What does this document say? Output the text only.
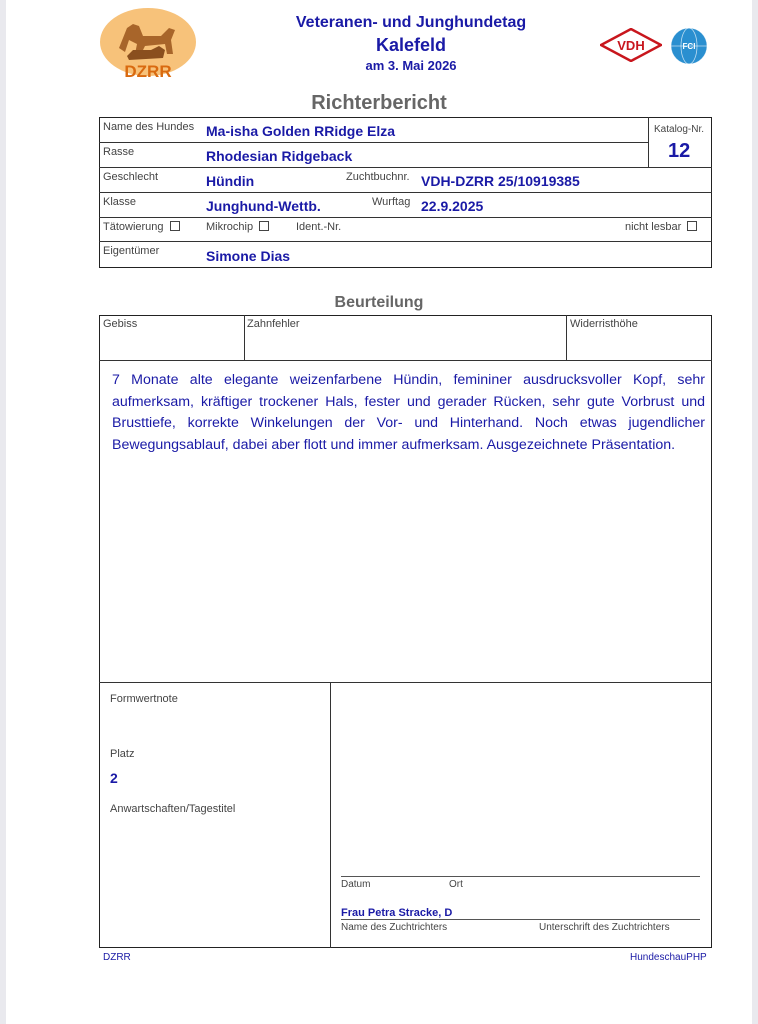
DZRR
Veteranen- und Junghundetag
Kalefeld
am 3. Mai 2026
VDH	FCI
Richterbericht
Name des Hundes Ma-isha Golden RRidge Elza	Katalog-Nr.
12
Rasse	Rhodesian Ridgeback
Geschlecht	Hündin	Zuchtbuchnr. VDH-DZRR 25/10919385
Klasse	Junghund-Wettb.	Wurftag 22.9.2025
Tätowierung	Mikrochip	Ident.-Nr.	nicht lesbar
Eigentümer	Simone Dias
Beurteilung
Gebiss	Zahnfehler	Widerristhöhe
7 Monate alte elegante weizenfarbene Hündin, femininer ausdrucksvoller Kopf, sehr aufmerksam, kräftiger trockener Hals, fester und gerader Rücken, sehr gute Vorbrust und Brusttiefe, korrekte Winkelungen der Vor- und Hinterhand. Noch etwas jugendlicher Bewegungsablauf, dabei aber flott und immer aufmerksam. Ausgezeichnete Präsentation.
Formwertnote
Platz
2
Anwartschaften/Tagestitel
Datum	Ort
Frau Petra Stracke, D
Name des Zuchtrichters	Unterschrift des Zuchtrichters
DZRR	HundeschauPHP
